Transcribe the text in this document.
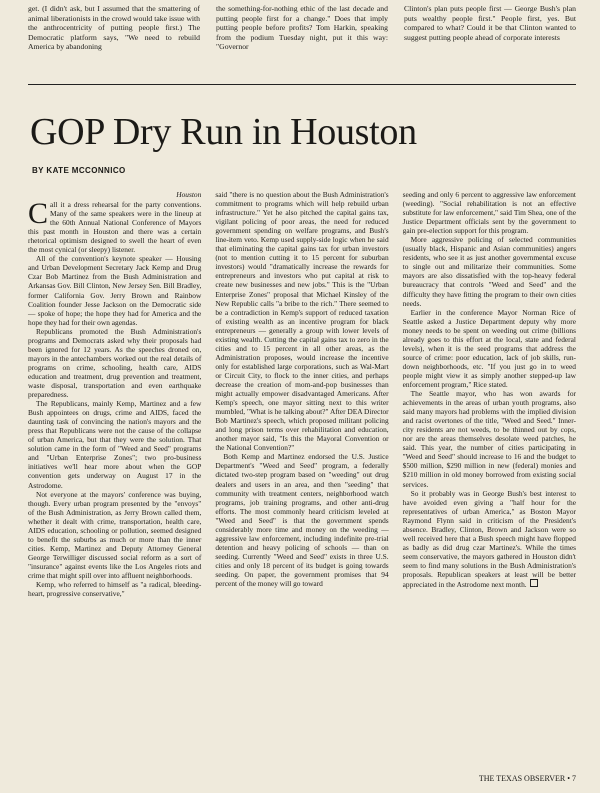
get. (I didn't ask, but I assumed that the smattering of animal liberationists in the crowd would take issue with the anthrocentricity of putting people first.) The Democratic platform says, "We need to rebuild America by abandoning
the something-for-nothing ethic of the last decade and putting people first for a change." Does that imply putting people before profits? Tom Harkin, speaking from the podium Tuesday night, put it this way: "Governor
Clinton's plan puts people first — George Bush's plan puts wealthy people first." People first, yes. But compared to what? Could it be that Clinton wanted to suggest putting people ahead of corporate interests
GOP Dry Run in Houston
BY KATE MCCONNICO
Houston

Call it a dress rehearsal for the party conventions. Many of the same speakers were in the lineup at the 60th Annual National Conference of Mayors this past month in Houston and there was a certain rhetorical optimism designed to swell the heart of even the most cynical (or sleepy) listener.

All of the convention's keynote speaker — Housing and Urban Development Secretary Jack Kemp and Drug Czar Bob Martinez from the Bush Administration and Arkansas Gov. Bill Clinton, New Jersey Sen. Bill Bradley, former California Gov. Jerry Brown and Rainbow Coalition founder Jesse Jackson on the Democratic side — spoke of hope; the hope they had for America and the hope they had for their own agendas.

Republicans promoted the Bush Administration's programs and Democrats asked why their proposals had been ignored for 12 years. As the speeches droned on, mayors in the antechambers worked out the real details of programs on crime, schooling, health care, AIDS education and treatment, drug prevention and treatment, waste disposal, transportation and even earthquake preparedness.

The Republicans, mainly Kemp, Martinez and a few Bush appointees on drugs, crime and AIDS, faced the daunting task of convincing the nation's mayors and the press that Republicans were not the cause of the collapse of urban America, but that they were the solution. That solution came in the form of "Weed and Seed" programs and "Urban Enterprise Zones"; two pro-business initiatives we'll hear more about when the GOP convention gets underway on August 17 in the Astrodome.

Not everyone at the mayors' conference was buying, though. Every urban program presented by the "envoys" of the Bush Administration, as Jerry Brown called them, whether it dealt with crime, transportation, health care, AIDS education, schooling or pollution, seemed designed to benefit the suburbs as much or more than the inner cities. Kemp, Martinez and Deputy Attorney General George Terwilliger discussed social reform as a sort of "insurance" against events like the Los Angeles riots and crime that might spill over into affluent neighborhoods.

Kemp, who referred to himself as "a radical, bleeding-heart, progressive conservative,"

said "there is no question about the Bush Administration's commitment to programs which will help rebuild urban infrastructure." Yet he also pitched the capital gains tax, vigilant policing of poor areas, the need for reduced government spending on welfare programs, and Bush's line-item veto. Kemp used supply-side logic when he said that eliminating the capital gains tax for urban investors (not to mention cutting it to 15 percent for suburban investors) would "dramatically increase the rewards for entrepreneurs and investors who put capital at risk to create new businesses and new jobs." This is the "Urban Enterprise Zones" proposal that Michael Kinsley of the New Republic calls "a bribe to the rich." There seemed to be a contradiction in Kemp's support of reduced taxation of existing wealth as an incentive program for black entrepreneurs — generally a group with lower levels of existing wealth. Cutting the capital gains tax to zero in the cities and to 15 percent in all other areas, as the Administration proposes, would increase the incentive only for established large corporations, such as Wal-Mart or Circuit City, to flock to the inner cities, and perhaps decrease the creation of mom-and-pop businesses than might actually empower disadvantaged Americans. After Kemp's speech, one mayor sitting next to this writer mumbled, "What is he talking about?" After DEA Director Bob Martinez's speech, which proposed militant policing and long prison terms over rehabilitation and education, another mayor said, "Is this the Mayoral Convention or the National Convention?"

Both Kemp and Martinez endorsed the U.S. Justice Department's "Weed and Seed" program, a federally dictated two-step program based on "weeding" out drug dealers and users in an area, and then "seeding" that community with treatment centers, neighborhood watch programs, job training programs, and other anti-drug efforts. The most commonly heard criticism leveled at "Weed and Seed" is that the government spends considerably more time and money on the weeding — aggressive law enforcement, including indefinite pre-trial detention and heavy policing of schools — than on seeding. Currently "Weed and Seed" exists in three U.S. cities and only 18 percent of its budget is going towards seeding. On paper, the government promises that 94 percent of the money will go toward

seeding and only 6 percent to aggressive law enforcement (weeding). "Social rehabilitation is not an effective substitute for law enforcement," said Tim Shea, one of the Justice Department officials sent by the government to gain pre-election support for this program.

More aggressive policing of selected communities (usually black, Hispanic and Asian communities) angers residents, who see it as just another governmental excuse to single out and militarize their communities. Some mayors are also dissatisfied with the top-heavy federal bureaucracy that controls "Weed and Seed" and the difficulty they have fitting the program to their own cities needs.

Earlier in the conference Mayor Norman Rice of Seattle asked a Justice Department deputy why more money needs to be spent on weeding out crime (billions already goes to this effort at the local, state and federal levels), when it is the seed programs that address the source of crime: poor education, lack of job skills, run-down neighborhoods, etc. "If you just go in to weed people might view it as simply another stepped-up law enforcement program," Rice stated.

The Seattle mayor, who has won awards for achievements in the areas of urban youth programs, also said many mayors had problems with the implied division and racist overtones of the title, "Weed and Seed." Inner-city residents are not weeds, to be thinned out by cops, nor are the areas themselves desolate weed patches, he said. This year, the number of cities participating in "Weed and Seed" should increase to 16 and the budget to $500 million, $290 million in new (federal) monies and $210 million in old money borrowed from existing social services.

So it probably was in George Bush's best interest to have avoided even giving a "half hour for the representatives of urban America," as Boston Mayor Raymond Flynn said in criticism of the President's absence. Bradley, Clinton, Brown and Jackson were so well received here that a Bush speech might have flopped as badly as did drug czar Martinez's. While the times seem conservative, the mayors gathered in Houston didn't seem to find many solutions in the Bush Administration's proposals. Republican speakers at least will be better appreciated in the Astrodome next month.

THE TEXAS OBSERVER • 7
